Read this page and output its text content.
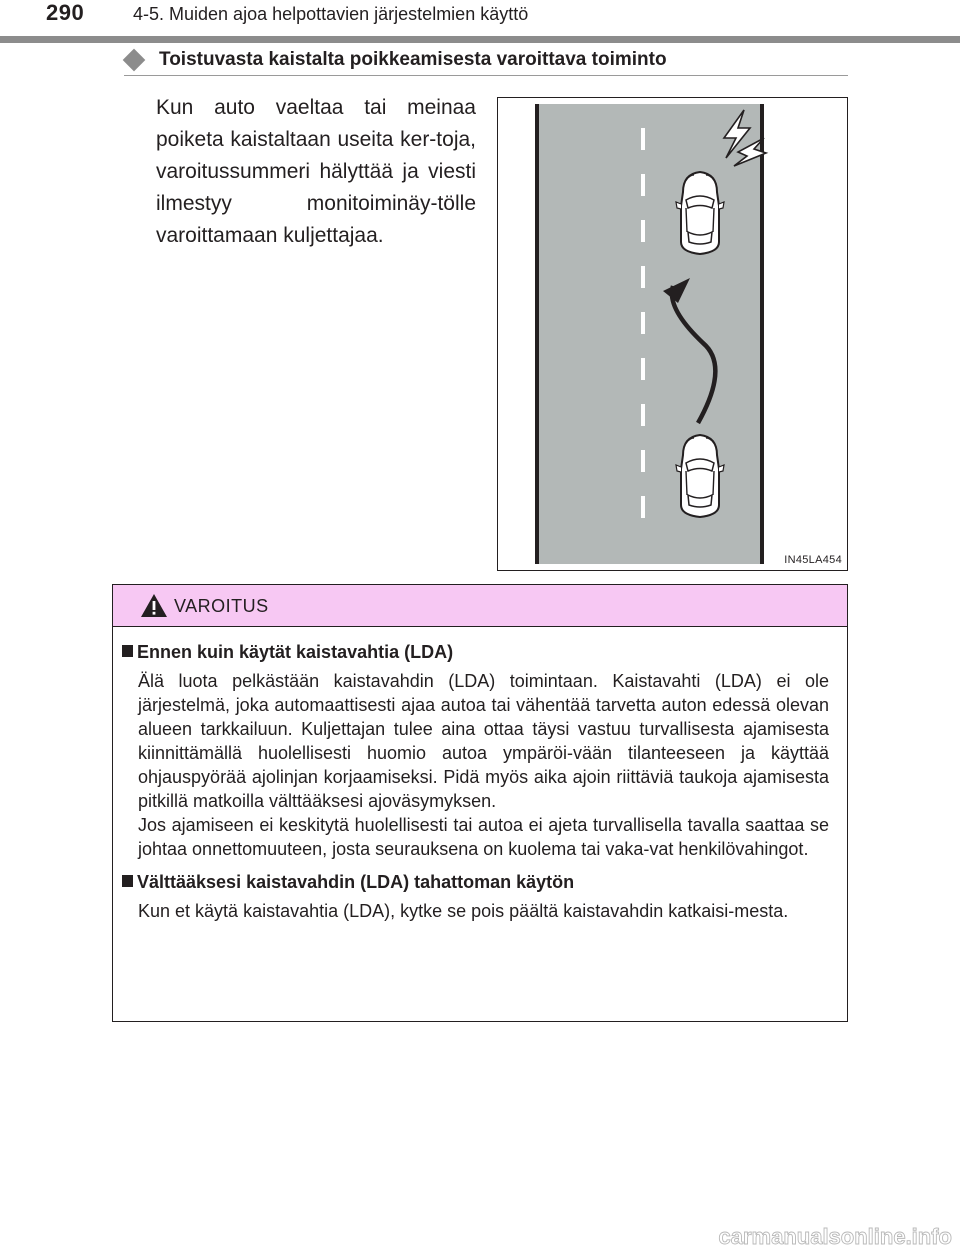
290	4-5. Muiden ajoa helpottavien järjestelmien käyttö
Toistuvasta kaistalta poikkeamisesta varoittava toiminto
Kun auto vaeltaa tai meinaa poiketa kaistaltaan useita ker-toja, varoitussummeri hälyttää ja viesti ilmestyy monitoiminäy-tölle varoittamaan kuljettajaa.
IN45LA454
VAROITUS
Ennen kuin käytät kaistavahtia (LDA)
Älä luota pelkästään kaistavahdin (LDA) toimintaan. Kaistavahti (LDA) ei ole järjestelmä, joka automaattisesti ajaa autoa tai vähentää tarvetta auton edessä olevan alueen tarkkailuun. Kuljettajan tulee aina ottaa täysi vastuu turvallisesta ajamisesta kiinnittämällä huolellisesti huomio autoa ympäröi-vään tilanteeseen ja käyttää ohjauspyörää ajolinjan korjaamiseksi. Pidä myös aika ajoin riittäviä taukoja ajamisesta pitkillä matkoilla välttääksesi ajoväsymyksen.
Jos ajamiseen ei keskitytä huolellisesti tai autoa ei ajeta turvallisella tavalla saattaa se johtaa onnettomuuteen, josta seurauksena on kuolema tai vaka-vat henkilövahingot.
Välttääksesi kaistavahdin (LDA) tahattoman käytön
Kun et käytä kaistavahtia (LDA), kytke se pois päältä kaistavahdin katkaisi-mesta.
carmanualsonline.info
